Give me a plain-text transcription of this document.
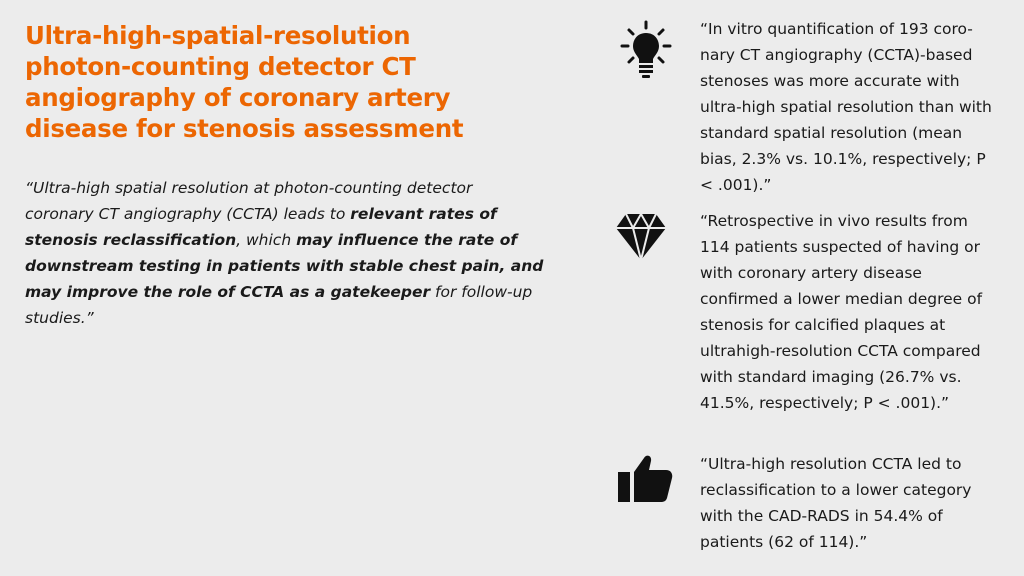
Ultra-high-spatial-resolution photon-counting detector CT angiography of coronary artery disease for stenosis assessment

“Ultra-high spatial resolution at photon-counting detector coronary CT angiography (CCTA) leads to relevant rates of stenosis reclassification, which may influence the rate of downstream testing in patients with stable chest pain, and may improve the role of CCTA as a gatekeeper for follow-up studies.”

“In vitro quantification of 193 coro-nary CT angiography (CCTA)-based stenoses was more accurate with ultra-high spatial resolution than with standard spatial resolution (mean bias, 2.3% vs. 10.1%, respectively; P < .001).”

“Retrospective in vivo results from 114 patients suspected of having or with coronary artery disease confirmed a lower median degree of stenosis for calcified plaques at ultrahigh-resolution CCTA compared with standard imaging (26.7% vs. 41.5%, respectively; P < .001).”

“Ultra-high resolution CCTA led to reclassification to a lower category with the CAD-RADS in 54.4% of patients (62 of 114).”
